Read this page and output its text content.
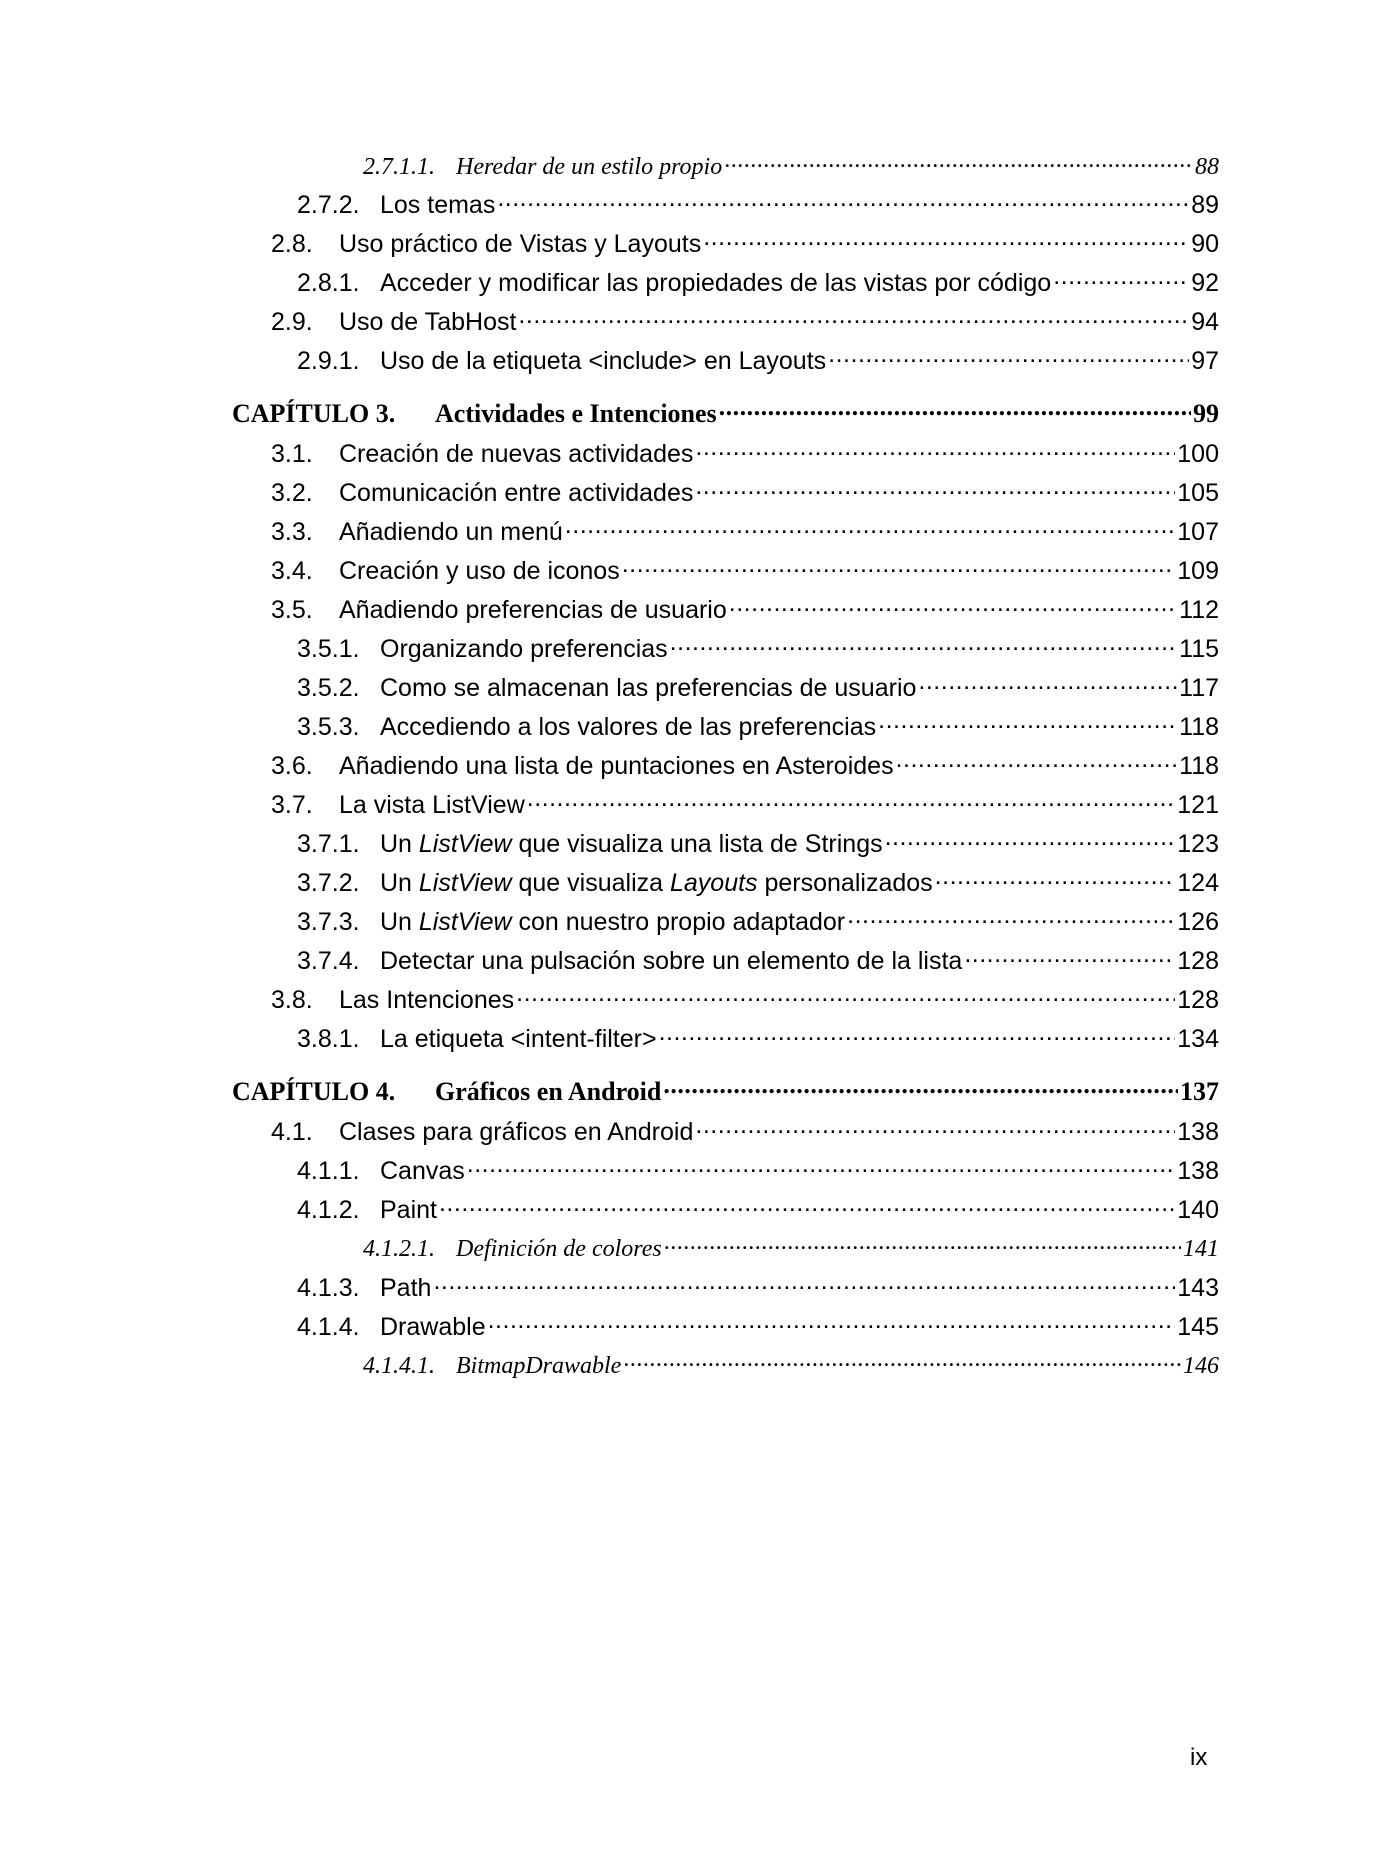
2.7.1.1. Heredar de un estilo propio .....	88
2.7.2. Los temas .....	89
2.8.	Uso práctico de Vistas y Layouts .....	90
2.8.1. Acceder y modificar las propiedades de las vistas por código .....	92
2.9.	Uso de TabHost .....	94
2.9.1. Uso de la etiqueta <include> en Layouts .....	97
CAPÍTULO 3.	Actividades e Intenciones .....	99
3.1.	Creación de nuevas actividades .....	100
3.2.	Comunicación entre actividades .....	105
3.3.	Añadiendo un menú .....	107
3.4.	Creación y uso de iconos .....	109
3.5.	Añadiendo preferencias de usuario .....	112
3.5.1. Organizando preferencias .....	115
3.5.2. Como se almacenan las preferencias de usuario .....	117
3.5.3. Accediendo a los valores de las preferencias .....	118
3.6.	Añadiendo una lista de puntaciones en Asteroides .....	118
3.7.	La vista ListView .....	121
3.7.1. Un ListView que visualiza una lista de Strings .....	123
3.7.2. Un ListView que visualiza Layouts personalizados .....	124
3.7.3. Un ListView con nuestro propio adaptador .....	126
3.7.4. Detectar una pulsación sobre un elemento de la lista .....	128
3.8.	Las Intenciones .....	128
3.8.1. La etiqueta <intent-filter> .....	134
CAPÍTULO 4.	Gráficos en Android .....	137
4.1.	Clases para gráficos en Android .....	138
4.1.1. Canvas .....	138
4.1.2. Paint .....	140
4.1.2.1. Definición de colores .....	141
4.1.3. Path .....	143
4.1.4. Drawable .....	145
4.1.4.1. BitmapDrawable .....	146
ix
